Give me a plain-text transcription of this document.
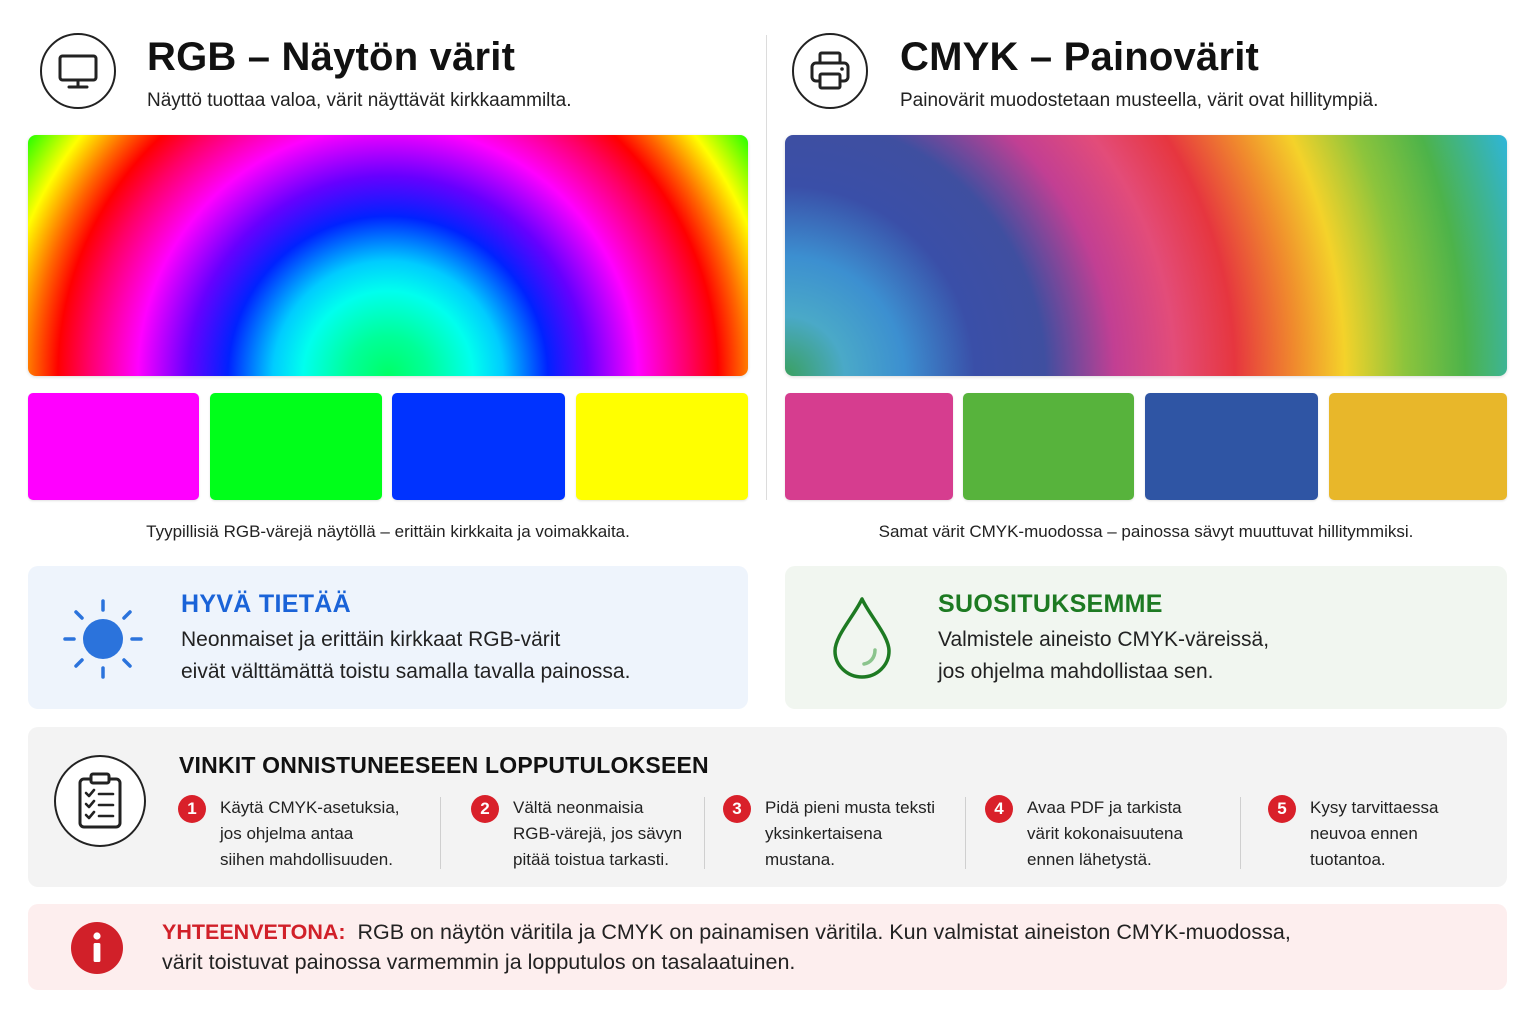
RGB – Näytön värit
Näyttö tuottaa valoa, värit näyttävät kirkkaammilta.
CMYK – Painovärit
Painovärit muodostetaan musteella, värit ovat hillitympiä.
Tyypillisiä RGB-värejä näytöllä – erittäin kirkkaita ja voimakkaita.	Samat värit CMYK-muodossa – painossa sävyt muuttuvat hillitymmiksi.
HYVÄ TIETÄÄ
Neonmaiset ja erittäin kirkkaat RGB-värit
eivät välttämättä toistu samalla tavalla painossa.
SUOSITUKSEMME
Valmistele aineisto CMYK-väreissä,
jos ohjelma mahdollistaa sen.
VINKIT ONNISTUNEESEEN LOPPUTULOKSEEN
1	Käytä CMYK-asetuksia,
jos ohjelma antaa
siihen mahdollisuuden.
2	Vältä neonmaisia
RGB-värejä, jos sävyn
pitää toistua tarkasti.
3	Pidä pieni musta teksti
yksinkertaisena
mustana.
4	Avaa PDF ja tarkista
värit kokonaisuutena
ennen lähetystä.
5	Kysy tarvittaessa
neuvoa ennen
tuotantoa.
YHTEENVETONA: RGB on näytön väritila ja CMYK on painamisen väritila. Kun valmistat aineiston CMYK-muodossa,
värit toistuvat painossa varmemmin ja lopputulos on tasalaatuinen.
